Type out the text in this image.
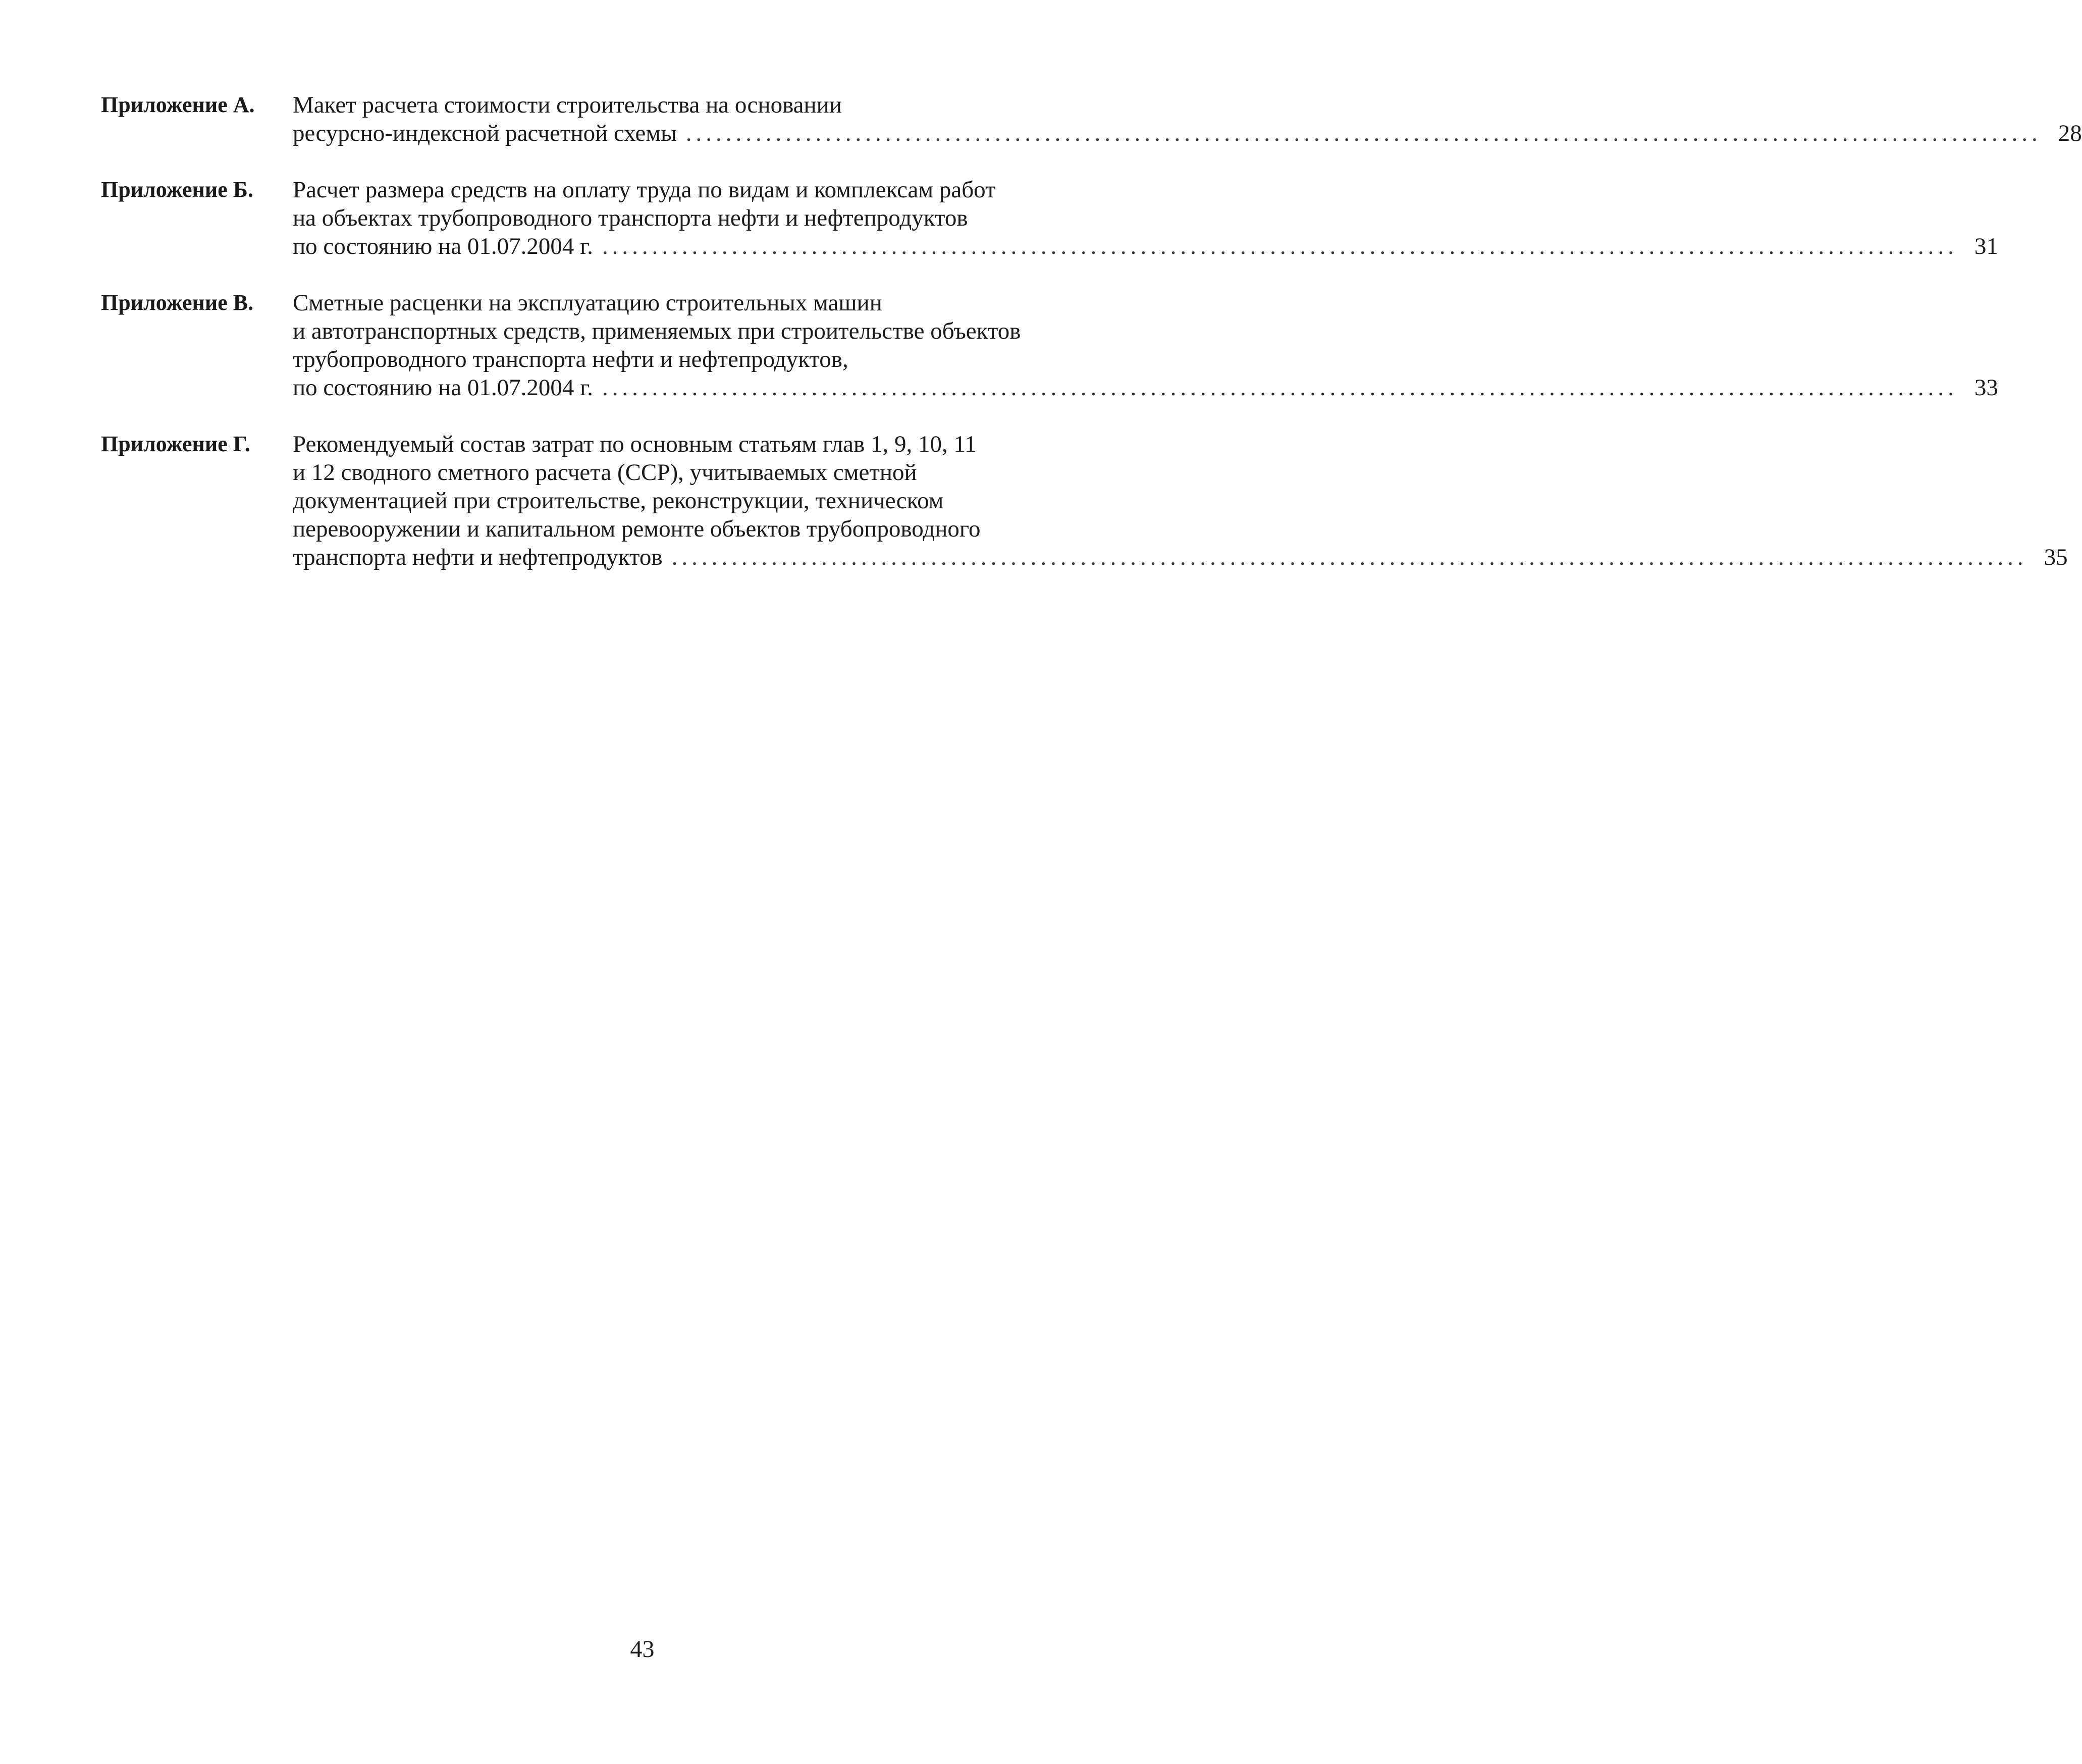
Приложение А. Макет расчета стоимости строительства на основании
ресурсно-индексной расчетной схемы ........................................................................................................................................ 28
Приложение Б. Расчет размера средств на оплату труда по видам и комплексам работ
на объектах трубопроводного транспорта нефти и нефтепродуктов
по состоянию на 01.07.2004 г. ........................................................................................................................................ 31
Приложение В. Сметные расценки на эксплуатацию строительных машин
и автотранспортных средств, применяемых при строительстве объектов
трубопроводного транспорта нефти и нефтепродуктов,
по состоянию на 01.07.2004 г. ........................................................................................................................................ 33
Приложение Г. Рекомендуемый состав затрат по основным статьям глав 1, 9, 10, 11
и 12 сводного сметного расчета (ССР), учитываемых сметной
документацией при строительстве, реконструкции, техническом
перевооружении и капитальном ремонте объектов трубопроводного
транспорта нефти и нефтепродуктов ........................................................................................................................................ 35
43
